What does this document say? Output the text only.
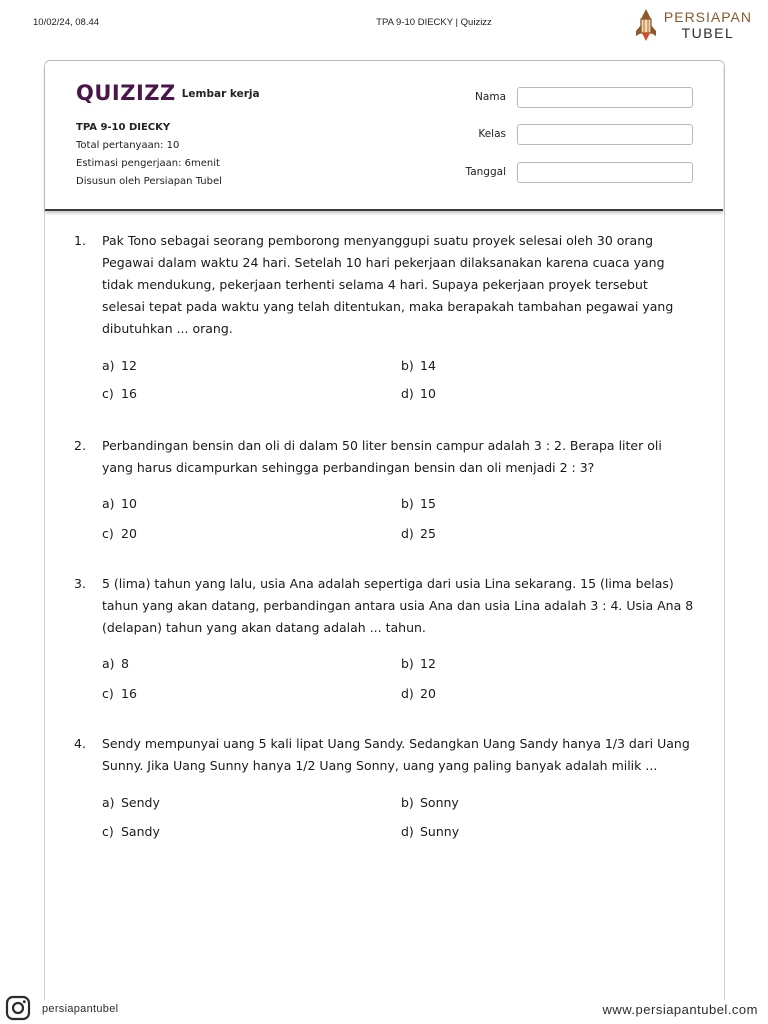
10/02/24, 08.44	TPA 9-10 DIECKY | Quizizz	PERSIAPAN
TUBEL
QUIZIZZ Lembar kerja
TPA 9-10 DIECKY
Total pertanyaan: 10
Estimasi pengerjaan: 6menit
Disusun oleh Persiapan Tubel
Nama
Kelas
Tanggal
1. Pak Tono sebagai seorang pemborong menyanggupi suatu proyek selesai oleh 30 orang Pegawai dalam waktu 24 hari. Setelah 10 hari pekerjaan dilaksanakan karena cuaca yang tidak mendukung, pekerjaan terhenti selama 4 hari. Supaya pekerjaan proyek tersebut selesai tepat pada waktu yang telah ditentukan, maka berapakah tambahan pegawai yang dibutuhkan ... orang.
a) 12	b) 14
c) 16	d) 10
2. Perbandingan bensin dan oli di dalam 50 liter bensin campur adalah 3 : 2. Berapa liter oli yang harus dicampurkan sehingga perbandingan bensin dan oli menjadi 2 : 3?
a) 10	b) 15
c) 20	d) 25
3. 5 (lima) tahun yang lalu, usia Ana adalah sepertiga dari usia Lina sekarang. 15 (lima belas) tahun yang akan datang, perbandingan antara usia Ana dan usia Lina adalah 3 : 4. Usia Ana 8 (delapan) tahun yang akan datang adalah ... tahun.
a) 8	b) 12
c) 16	d) 20
4. Sendy mempunyai uang 5 kali lipat Uang Sandy. Sedangkan Uang Sandy hanya 1/3 dari Uang Sunny. Jika Uang Sunny hanya 1/2 Uang Sonny, uang yang paling banyak adalah milik ...
a) Sendy	b) Sonny
c) Sandy	d) Sunny
persiapantubel	www.persiapantubel.com
